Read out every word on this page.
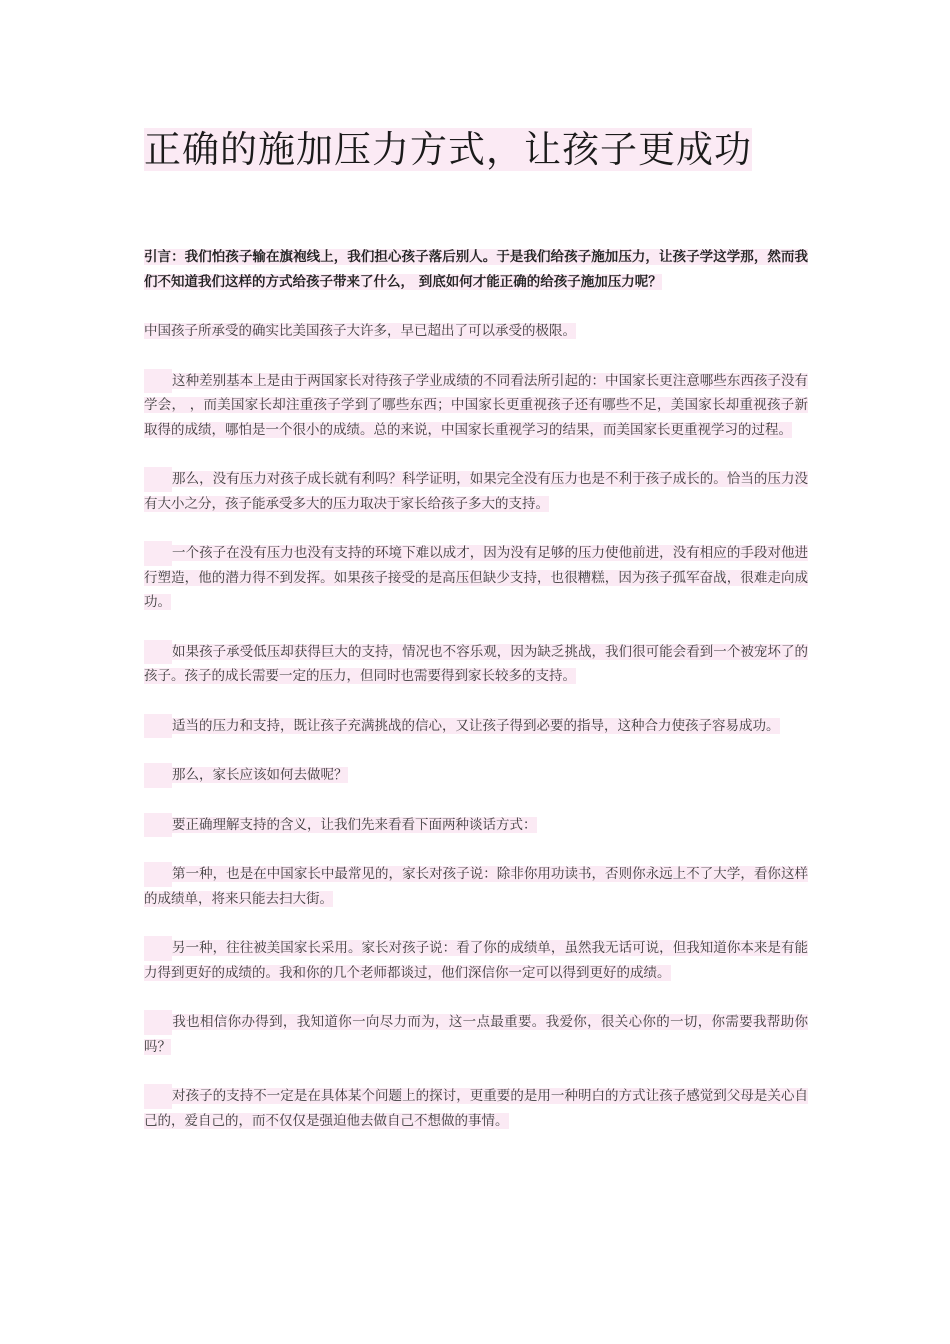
正确的施加压力方式，让孩子更成功

引言：我们怕孩子输在旗袍线上，我们担心孩子落后别人。于是我们给孩子施加压力，让孩子学这学那，然而我们不知道我们这样的方式给孩子带来了什么， 到底如何才能正确的给孩子施加压力呢？

中国孩子所承受的确实比美国孩子大许多，早已超出了可以承受的极限。

这种差别基本上是由于两国家长对待孩子学业成绩的不同看法所引起的：中国家长更注意哪些东西孩子没有学会， ，而美国家长却注重孩子学到了哪些东西；中国家长更重视孩子还有哪些不足，美国家长却重视孩子新取得的成绩，哪怕是一个很小的成绩。总的来说，中国家长重视学习的结果，而美国家长更重视学习的过程。

那么，没有压力对孩子成长就有利吗？科学证明，如果完全没有压力也是不利于孩子成长的。恰当的压力没有大小之分，孩子能承受多大的压力取决于家长给孩子多大的支持。

一个孩子在没有压力也没有支持的环境下难以成才，因为没有足够的压力使他前进，没有相应的手段对他进行塑造，他的潜力得不到发挥。如果孩子接受的是高压但缺少支持，也很糟糕，因为孩子孤军奋战，很难走向成功。

如果孩子承受低压却获得巨大的支持，情况也不容乐观，因为缺乏挑战，我们很可能会看到一个被宠坏了的孩子。孩子的成长需要一定的压力，但同时也需要得到家长较多的支持。

适当的压力和支持，既让孩子充满挑战的信心，又让孩子得到必要的指导，这种合力使孩子容易成功。

那么，家长应该如何去做呢？

要正确理解支持的含义，让我们先来看看下面两种谈话方式：

第一种，也是在中国家长中最常见的，家长对孩子说：除非你用功读书，否则你永远上不了大学，看你这样的成绩单，将来只能去扫大街。

另一种，往往被美国家长采用。家长对孩子说：看了你的成绩单，虽然我无话可说，但我知道你本来是有能力得到更好的成绩的。我和你的几个老师都谈过，他们深信你一定可以得到更好的成绩。

我也相信你办得到，我知道你一向尽力而为，这一点最重要。我爱你，很关心你的一切，你需要我帮助你吗？

对孩子的支持不一定是在具体某个问题上的探讨，更重要的是用一种明白的方式让孩子感觉到父母是关心自己的，爱自己的，而不仅仅是强迫他去做自己不想做的事情。
